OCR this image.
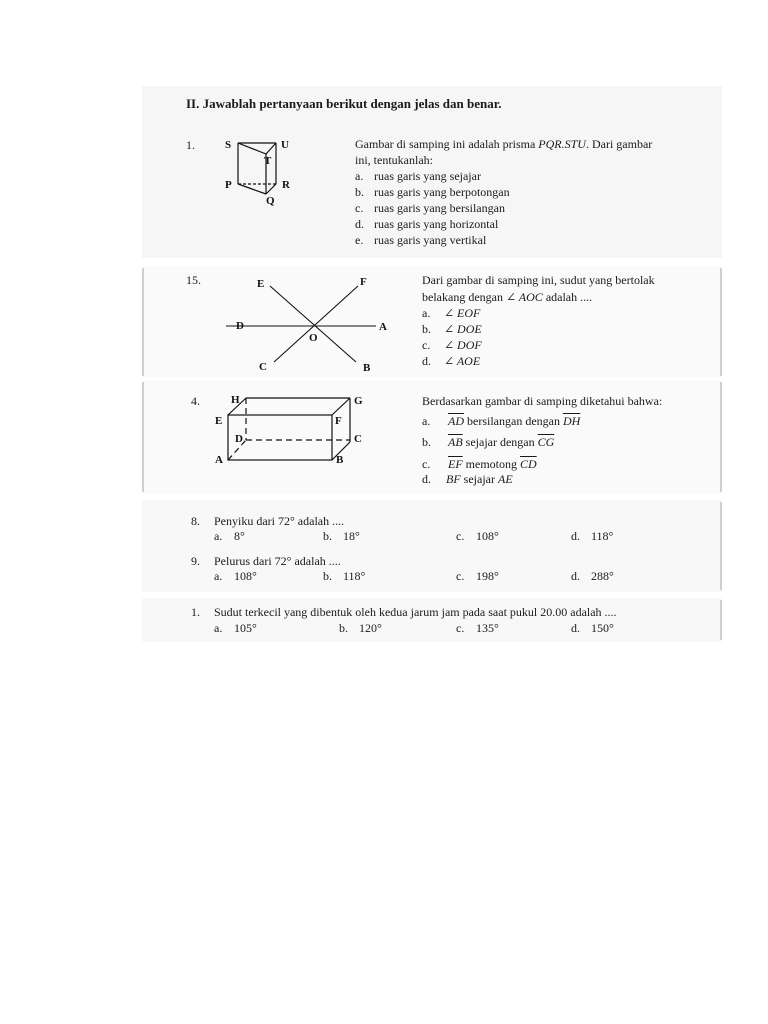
II. Jawablah pertanyaan berikut dengan jelas dan benar.
1.	S	U
T
P	R
Q
Gambar di samping ini adalah prisma PQR.STU. Dari gambar
ini, tentukanlah:
a. ruas garis yang sejajar
b. ruas garis yang berpotongan
c. ruas garis yang bersilangan
d. ruas garis yang horizontal
e. ruas garis yang vertikal
15.	E	F
D	A
O
C	B
Dari gambar di samping ini, sudut yang bertolak
belakang dengan ∠ AOC adalah ....
a. ∠ EOF
b. ∠ DOE
c. ∠ DOF
d. ∠ AOE
4.	H	G
E	F
D	C
A	B
Berdasarkan gambar di samping diketahui bahwa:
a. $\overline{AD}$ bersilangan dengan $\overline{DH}$
b. $\overline{AB}$ sejajar dengan $\overline{CG}$
c. $\overline{EF}$ memotong $\overline{CD}$
d. BF sejajar AE
8. Penyiku dari 72° adalah ....
a. 8°	b. 18°	c. 108°	d. 118°
9. Pelurus dari 72° adalah ....
a. 108°	b. 118°	c. 198°	d. 288°
1. Sudut terkecil yang dibentuk oleh kedua jarum jam pada saat pukul 20.00 adalah ....
a. 105°	b. 120°	c. 135°	d. 150°
